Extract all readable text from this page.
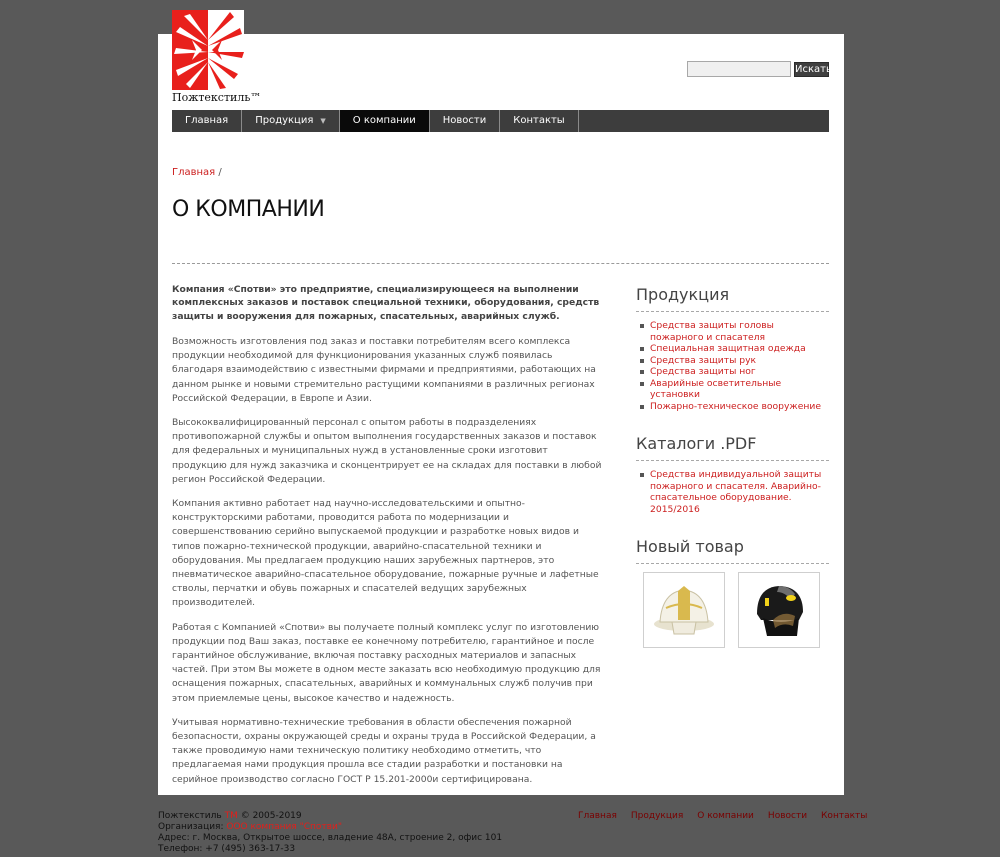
Пожтекстиль™
Искать
Главная	Продукция ▼	О компании	Новости	Контакты
Главная /
О КОМПАНИИ

Компания «Спотви» это предприятие, специализирующееся на выполнении комплексных заказов и поставок специальной техники, оборудования, средств защиты и вооружения для пожарных, спасательных, аварийных служб.

Возможность изготовления под заказ и поставки потребителям всего комплекса продукции необходимой для функционирования указанных служб появилась благодаря взаимодействию с известными фирмами и предприятиями, работающих на данном рынке и новыми стремительно растущими компаниями в различных регионах Российской Федерации, в Европе и Азии.

Высококвалифицированный персонал с опытом работы в подразделениях противопожарной службы и опытом выполнения государственных заказов и поставок для федеральных и муниципальных нужд в установленные сроки изготовит продукцию для нужд заказчика и сконцентрирует ее на складах для поставки в любой регион Российской Федерации.

Компания активно работает над научно-исследовательскими и опытно-конструкторскими работами, проводится работа по модернизации и совершенствованию серийно выпускаемой продукции и разработке новых видов и типов пожарно-технической продукции, аварийно-спасательной техники и оборудования. Мы предлагаем продукцию наших зарубежных партнеров, это пневматическое аварийно-спасательное оборудование, пожарные ручные и лафетные стволы, перчатки и обувь пожарных и спасателей ведущих зарубежных производителей.

Работая с Компанией «Спотви» вы получаете полный комплекс услуг по изготовлению продукции под Ваш заказ, поставке ее конечному потребителю, гарантийное и после гарантийное обслуживание, включая поставку расходных материалов и запасных частей. При этом Вы можете в одном месте заказать всю необходимую продукцию для оснащения пожарных, спасательных, аварийных и коммунальных служб получив при этом приемлемые цены, высокое качество и надежность.

Учитывая нормативно-технические требования в области обеспечения пожарной безопасности, охраны окружающей среды и охраны труда в Российской Федерации, а также проводимую нами техническую политику необходимо отметить, что предлагаемая нами продукция прошла все стадии разработки и постановки на серийное производство согласно ГОСТ Р 15.201-2000и сертифицирована.

Продукция
Средства защиты головы пожарного и спасателя
Специальная защитная одежда
Средства защиты рук
Средства защиты ног
Аварийные осветительные установки
Пожарно-техническое вооружение
Каталоги .PDF
Средства индивидуальной защиты пожарного и спасателя. Аварийно-спасательное оборудование. 2015/2016
Новый товар
Пожтекстиль ТМ © 2005-2019
Организация: ООО компания "Спотви"
Адрес: г. Москва, Открытое шоссе, владение 48А, строение 2, офис 101
Телефон: +7 (495) 363-17-33
Главная Продукция О компании Новости Контакты
